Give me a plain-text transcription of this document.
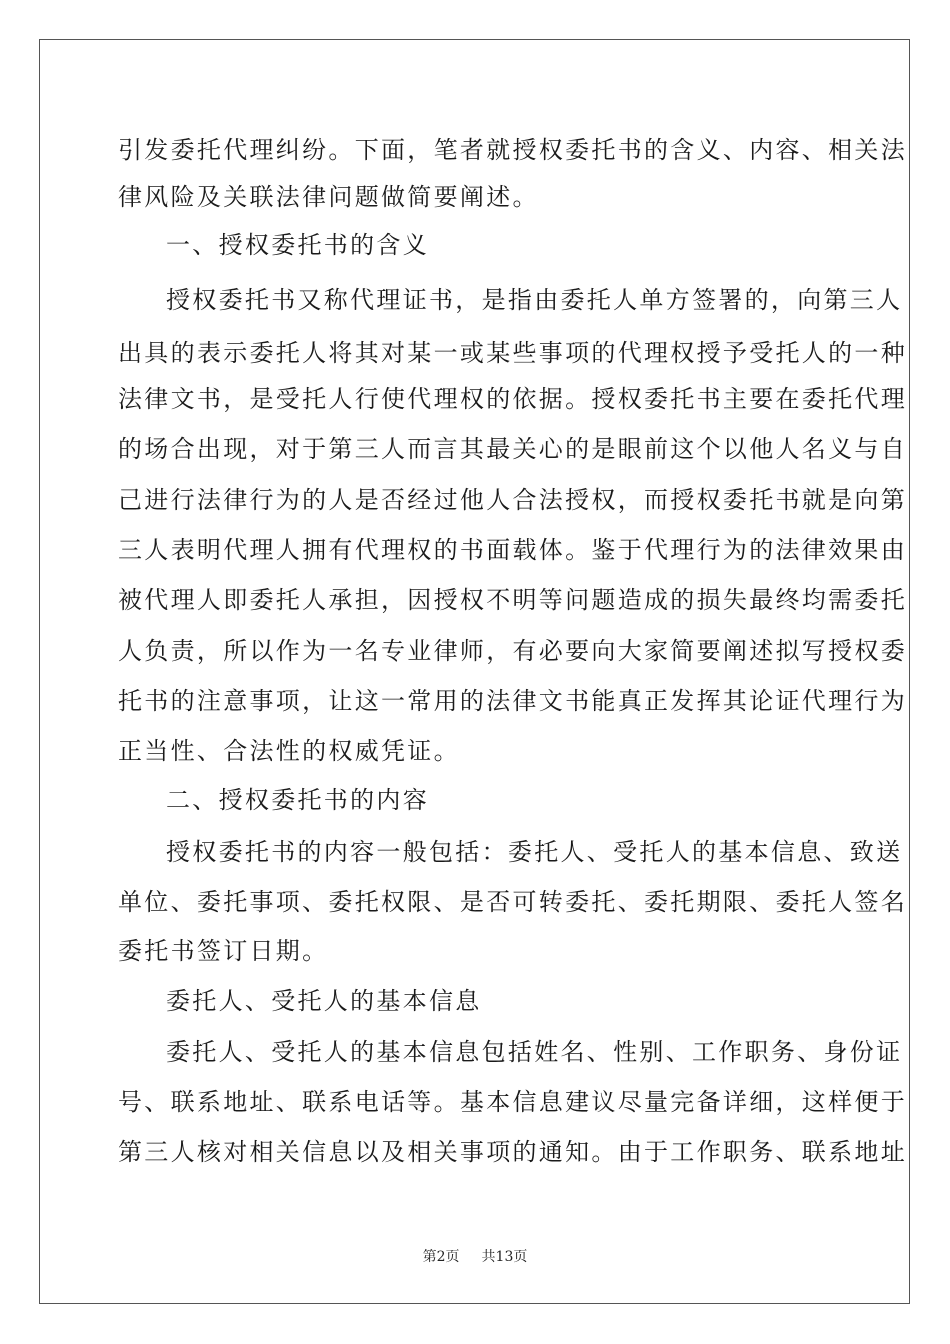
引发委托代理纠纷。下面，笔者就授权委托书的含义、内容、相关法
律风险及关联法律问题做简要阐述。
一、授权委托书的含义
授权委托书又称代理证书，是指由委托人单方签署的，向第三人
出具的表示委托人将其对某一或某些事项的代理权授予受托人的一种
法律文书，是受托人行使代理权的依据。授权委托书主要在委托代理
的场合出现，对于第三人而言其最关心的是眼前这个以他人名义与自
己进行法律行为的人是否经过他人合法授权，而授权委托书就是向第
三人表明代理人拥有代理权的书面载体。鉴于代理行为的法律效果由
被代理人即委托人承担，因授权不明等问题造成的损失最终均需委托
人负责，所以作为一名专业律师，有必要向大家简要阐述拟写授权委
托书的注意事项，让这一常用的法律文书能真正发挥其论证代理行为
正当性、合法性的权威凭证。
二、授权委托书的内容
授权委托书的内容一般包括：委托人、受托人的基本信息、致送
单位、委托事项、委托权限、是否可转委托、委托期限、委托人签名
委托书签订日期。
委托人、受托人的基本信息
委托人、受托人的基本信息包括姓名、性别、工作职务、身份证
号、联系地址、联系电话等。基本信息建议尽量完备详细，这样便于
第三人核对相关信息以及相关事项的通知。由于工作职务、联系地址
第2页 共13页
